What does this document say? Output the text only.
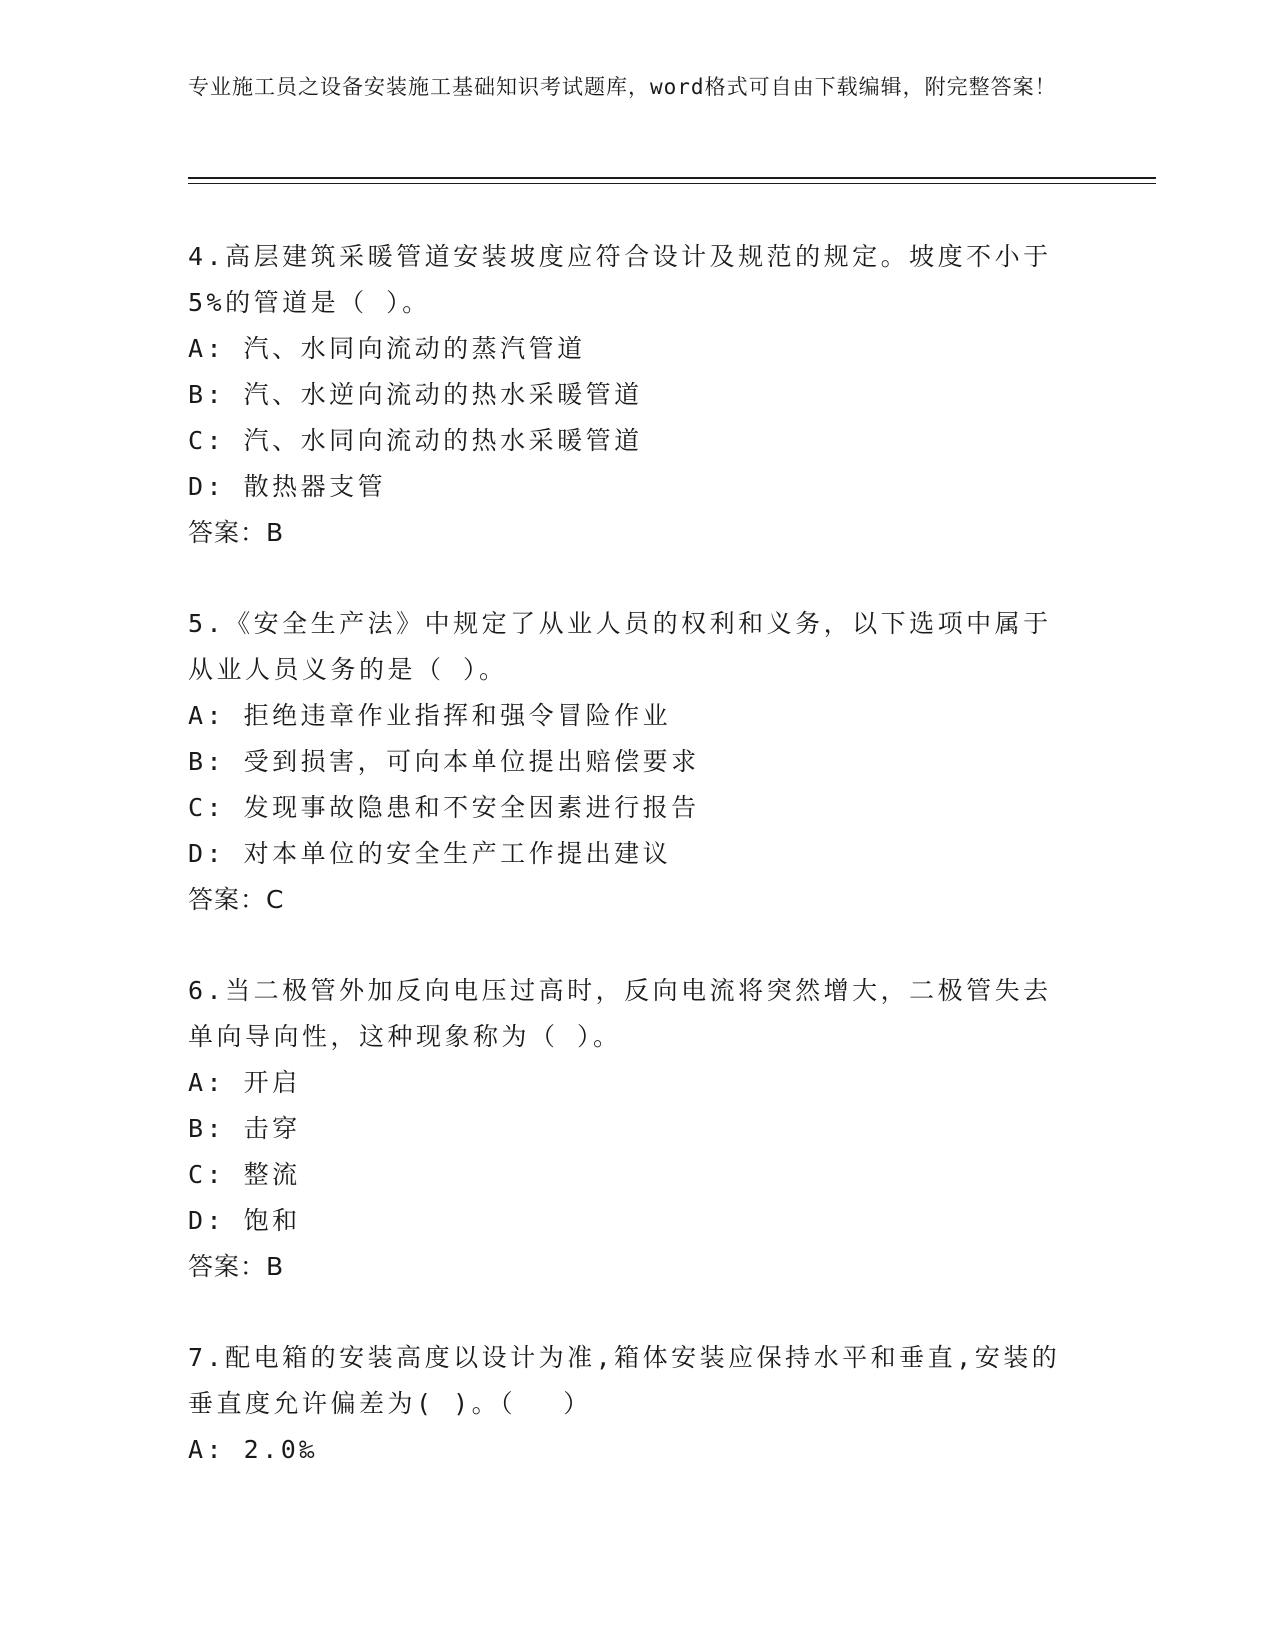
专业施工员之设备安装施工基础知识考试题库，word格式可自由下载编辑，附完整答案！

4.高层建筑采暖管道安装坡度应符合设计及规范的规定。坡度不小于5%的管道是（ ）。

A: 汽、水同向流动的蒸汽管道

B: 汽、水逆向流动的热水采暖管道

C: 汽、水同向流动的热水采暖管道

D: 散热器支管

答案：B

5.《安全生产法》中规定了从业人员的权利和义务，以下选项中属于从业人员义务的是（ ）。

A: 拒绝违章作业指挥和强令冒险作业

B: 受到损害，可向本单位提出赔偿要求

C: 发现事故隐患和不安全因素进行报告

D: 对本单位的安全生产工作提出建议

答案：C

6.当二极管外加反向电压过高时，反向电流将突然增大，二极管失去单向导向性，这种现象称为（ ）。

A: 开启

B: 击穿

C: 整流

D: 饱和

答案：B

7.配电箱的安装高度以设计为准,箱体安装应保持水平和垂直,安装的垂直度允许偏差为( )。（　 ）

A: 2.0‰
